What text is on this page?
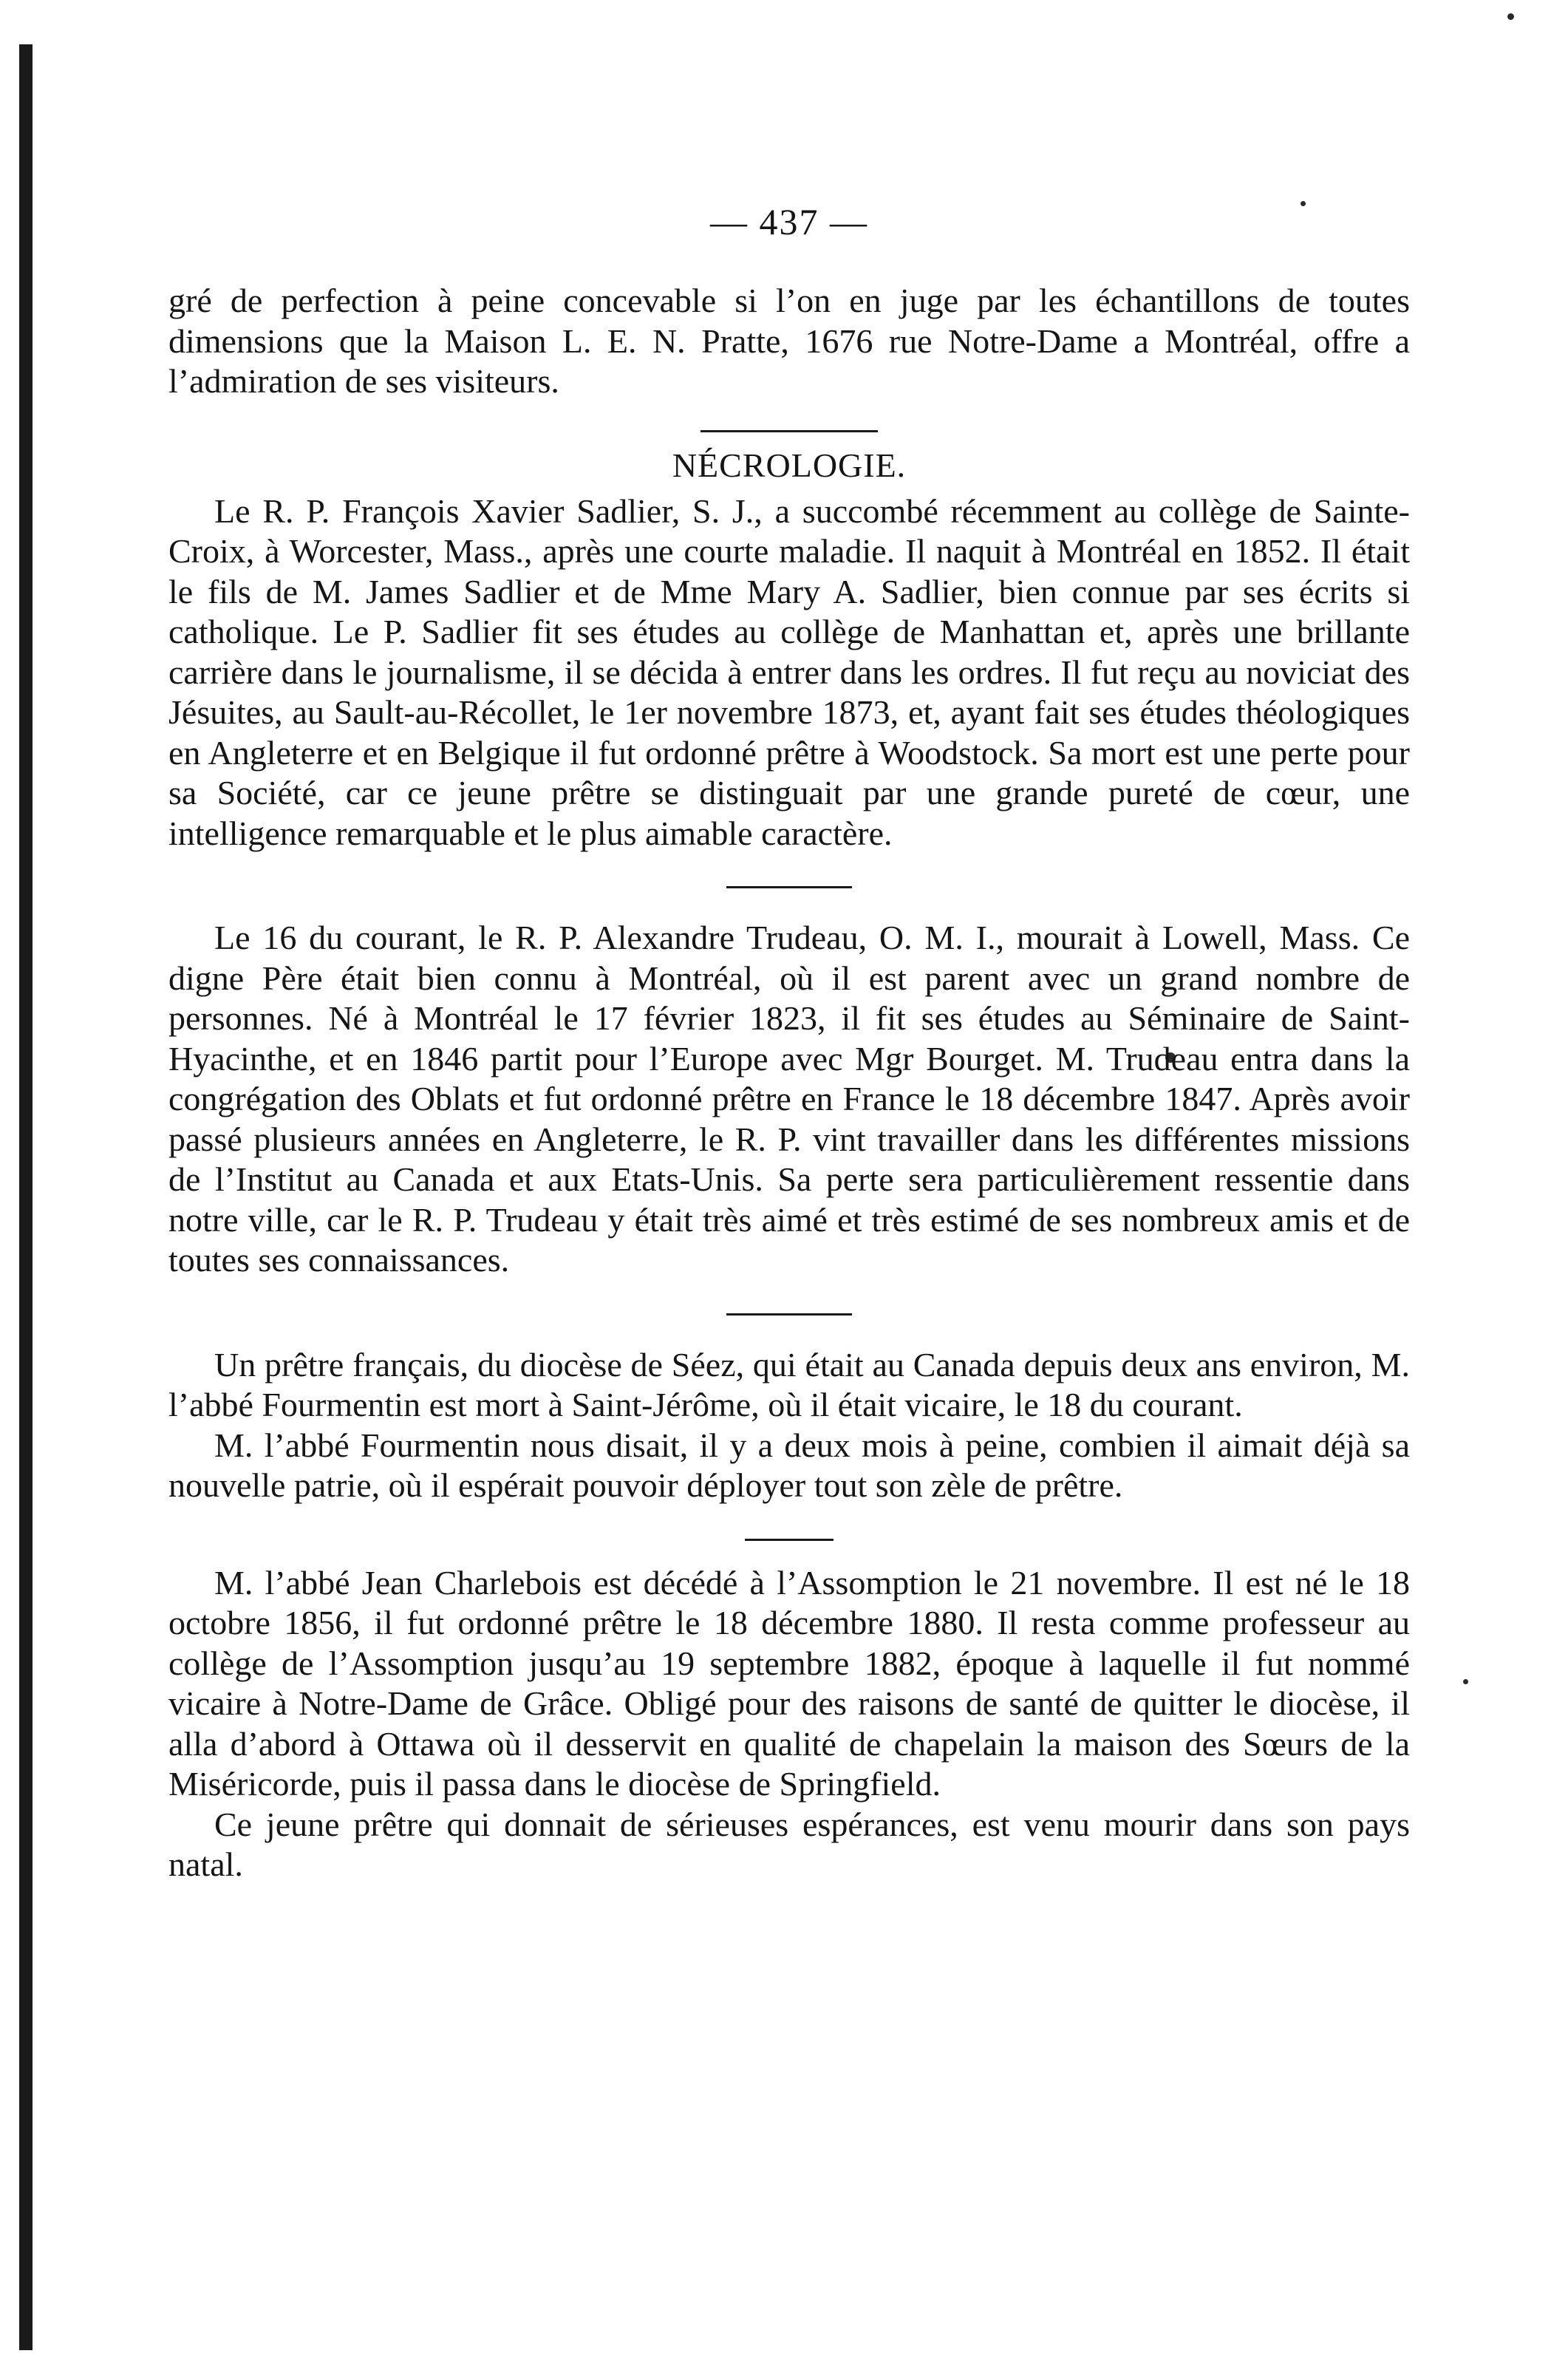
— 437 —

gré de perfection à peine concevable si l’on en juge par les échantillons de toutes dimensions que la Maison L. E. N. Pratte, 1676 rue Notre-Dame a Montréal, offre a l’admiration de ses visiteurs.

NÉCROLOGIE.

Le R. P. François Xavier Sadlier, S. J., a succombé récemment au collège de Sainte-Croix, à Worcester, Mass., après une courte maladie. Il naquit à Montréal en 1852. Il était le fils de M. James Sadlier et de Mme Mary A. Sadlier, bien connue par ses écrits si catholique. Le P. Sadlier fit ses études au collège de Manhattan et, après une brillante carrière dans le journalisme, il se décida à entrer dans les ordres. Il fut reçu au noviciat des Jésuites, au Sault-au-Récollet, le 1er novembre 1873, et, ayant fait ses études théologiques en Angleterre et en Belgique il fut ordonné prêtre à Woodstock. Sa mort est une perte pour sa Société, car ce jeune prêtre se distinguait par une grande pureté de cœur, une intelligence remarquable et le plus aimable caractère.

Le 16 du courant, le R. P. Alexandre Trudeau, O. M. I., mourait à Lowell, Mass. Ce digne Père était bien connu à Montréal, où il est parent avec un grand nombre de personnes. Né à Montréal le 17 février 1823, il fit ses études au Séminaire de Saint-Hyacinthe, et en 1846 partit pour l’Europe avec Mgr Bourget. M. Trudeau entra dans la congrégation des Oblats et fut ordonné prêtre en France le 18 décembre 1847. Après avoir passé plusieurs années en Angleterre, le R. P. vint travailler dans les différentes missions de l’Institut au Canada et aux Etats-Unis. Sa perte sera particulièrement ressentie dans notre ville, car le R. P. Trudeau y était très aimé et très estimé de ses nombreux amis et de toutes ses connaissances.

Un prêtre français, du diocèse de Séez, qui était au Canada depuis deux ans environ, M. l’abbé Fourmentin est mort à Saint-Jérôme, où il était vicaire, le 18 du courant.

M. l’abbé Fourmentin nous disait, il y a deux mois à peine, combien il aimait déjà sa nouvelle patrie, où il espérait pouvoir déployer tout son zèle de prêtre.

M. l’abbé Jean Charlebois est décédé à l’Assomption le 21 novembre. Il est né le 18 octobre 1856, il fut ordonné prêtre le 18 décembre 1880. Il resta comme professeur au collège de l’Assomption jusqu’au 19 septembre 1882, époque à laquelle il fut nommé vicaire à Notre-Dame de Grâce. Obligé pour des raisons de santé de quitter le diocèse, il alla d’abord à Ottawa où il desservit en qualité de chapelain la maison des Sœurs de la Miséricorde, puis il passa dans le diocèse de Springfield.

Ce jeune prêtre qui donnait de sérieuses espérances, est venu mourir dans son pays natal.
